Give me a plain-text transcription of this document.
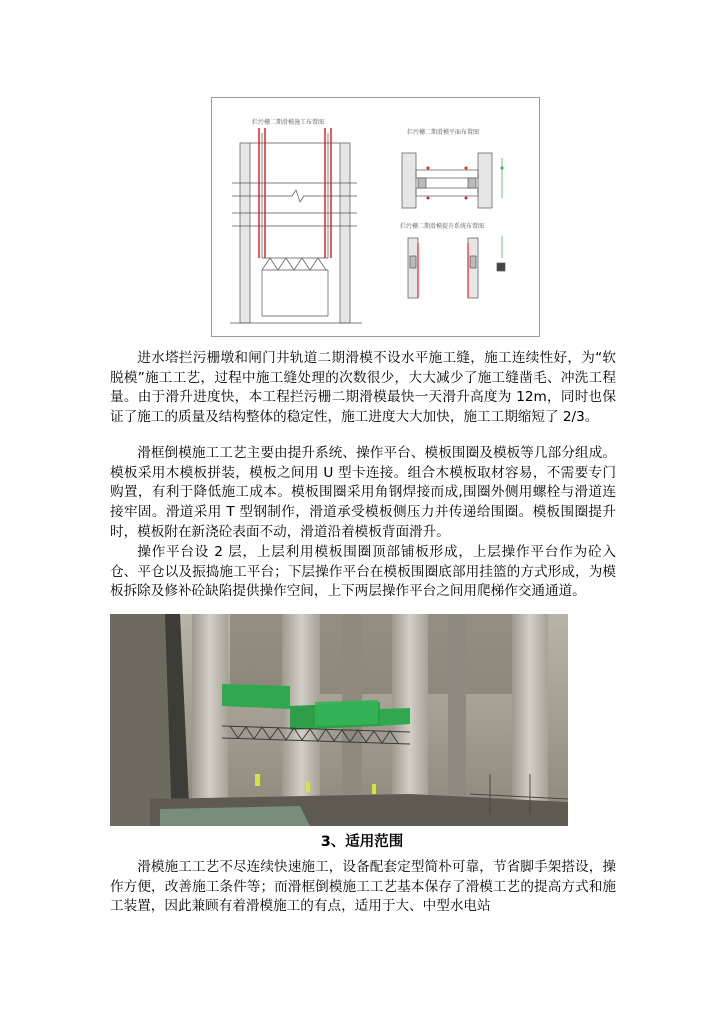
拦污栅二期滑模施工布置图
拦污栅二期滑模平面布置图
拦污栅二期滑模提升系统布置图

进水塔拦污栅墩和闸门井轨道二期滑模不设水平施工缝，施工连续性好，为“软脱模”施工工艺，过程中施工缝处理的次数很少，大大减少了施工缝凿毛、冲洗工程量。由于滑升进度快，本工程拦污栅二期滑模最快一天滑升高度为 12m，同时也保证了施工的质量及结构整体的稳定性，施工进度大大加快，施工工期缩短了 2/3。

滑框倒模施工工艺主要由提升系统、操作平台、模板围圈及模板等几部分组成。模板采用木模板拼装，模板之间用 U 型卡连接。组合木模板取材容易，不需要专门购置，有利于降低施工成本。模板围圈采用角钢焊接而成,围圈外侧用螺栓与滑道连接牢固。滑道采用 T 型钢制作，滑道承受模板侧压力并传递给围圈。模板围圈提升时，模板附在新浇砼表面不动，滑道沿着模板背面滑升。

操作平台设 2 层，上层利用模板围圈顶部铺板形成，上层操作平台作为砼入仓、平仓以及振捣施工平台；下层操作平台在模板围圈底部用挂篮的方式形成，为模板拆除及修补砼缺陷提供操作空间，上下两层操作平台之间用爬梯作交通通道。

3、适用范围

滑模施工工艺不尽连续快速施工，设备配套定型简朴可靠，节省脚手架搭设，操作方便，改善施工条件等；而滑框倒模施工工艺基本保存了滑模工艺的提高方式和施工装置，因此兼顾有着滑模施工的有点，适用于大、中型水电站
